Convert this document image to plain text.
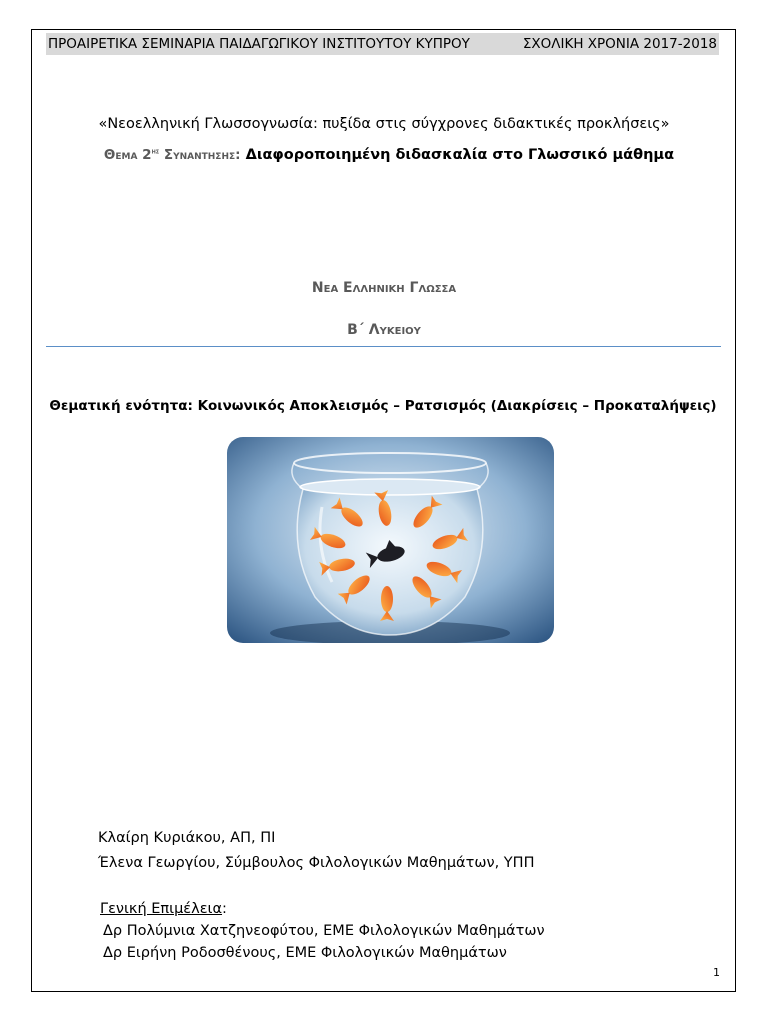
ΠΡΟΑΙΡΕΤΙΚΑ ΣΕΜΙΝΑΡΙΑ ΠΑΙΔΑΓΩΓΙΚΟΥ ΙΝΣΤΙΤΟΥΤΟΥ ΚΥΠΡΟΥ	ΣΧΟΛΙΚΗ ΧΡΟΝΙΑ 2017-2018
«Νεοελληνική Γλωσσογνωσία: πυξίδα στις σύγχρονες διδακτικές προκλήσεις»
Θεμα $2^{\eta\varsigma}$ Συναντησης: Διαφοροποιημένη διδασκαλία στο Γλωσσικό μάθημα
Νεα Ελληνικη Γλωσσα
Β΄ Λυκειου
Θεματική ενότητα: Κοινωνικός Αποκλεισμός – Ρατσισμός (Διακρίσεις – Προκαταλήψεις)
Κλαίρη Κυριάκου, ΑΠ, ΠΙ
Έλενα Γεωργίου, Σύμβουλος Φιλολογικών Μαθημάτων, ΥΠΠ
Γενική Επιμέλεια:
Δρ Πολύμνια Χατζηνεοφύτου, ΕΜΕ Φιλολογικών Μαθημάτων
Δρ Ειρήνη Ροδοσθένους, ΕΜΕ Φιλολογικών Μαθημάτων
1
